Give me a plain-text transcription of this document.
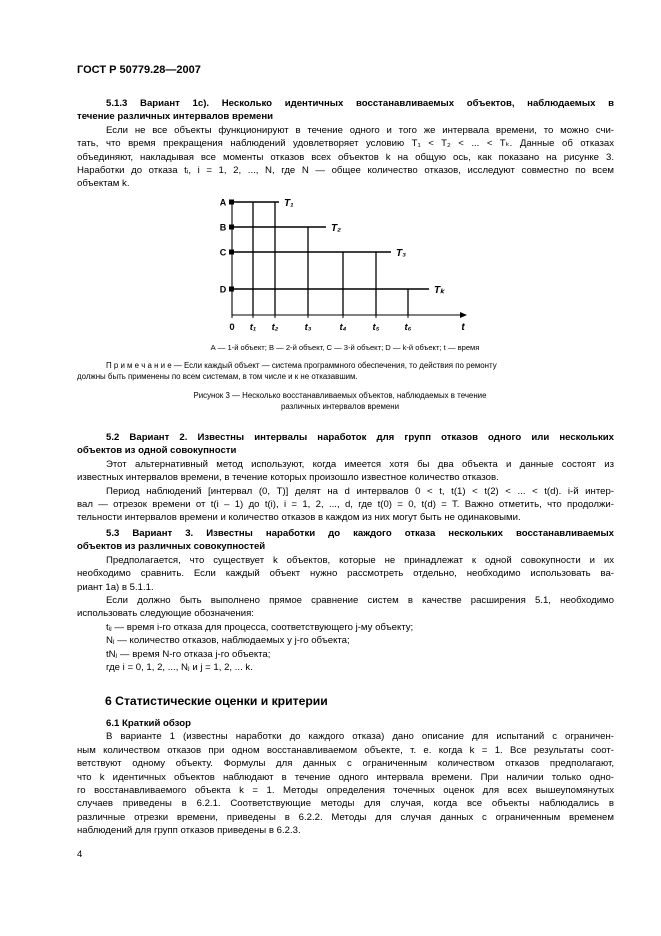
ГОСТ Р 50779.28—2007

5.1.3 Вариант 1с). Несколько идентичных восстанавливаемых объектов, наблюдаемых в

течение различных интервалов времени

Если не все объекты функционируют в течение одного и того же интервала времени, то можно счи-

тать, что время прекращения наблюдений удовлетворяет условию T₁ < T₂ < ... < Tₖ. Данные об отказах

объединяют, накладывая все моменты отказов всех объектов k на общую ось, как показано на рисунке 3.

Наработки до отказа tᵢ, i = 1, 2, ..., N, где N — общее количество отказов, исследуют совместно по всем

объектам k.

A	T₁
B	T₂
C	T₃
D	Tₖ
0 t₁ t₂	t₃	t₄	t₅	t₆	t
А — 1-й объект; В — 2-й объект, С — 3-й объект; D — k-й объект; t — время
П р и м е ч а н и е — Если каждый объект — система программного обеспечения, то действия по ремонту
должны быть применены по всем системам, в том числе и к не отказавшим.
Рисунок 3 — Несколько восстанавливаемых объектов, наблюдаемых в течение
различных интервалов времени

5.2 Вариант 2. Известны интервалы наработок для групп отказов одного или нескольких

объектов из одной совокупности

Этот альтернативный метод используют, когда имеется хотя бы два объекта и данные состоят из

известных интервалов времени, в течение которых произошло известное количество отказов.

Период наблюдений [интервал (0, T)] делят на d интервалов 0 < t, t(1) < t(2) < ... < t(d). i-й интер-

вал — отрезок времени от t(i – 1) до t(i), i = 1, 2, ..., d, где t(0) = 0, t(d) = T. Важно отметить, что продолжи-

тельности интервалов времени и количество отказов в каждом из них могут быть не одинаковыми.

5.3 Вариант 3. Известны наработки до каждого отказа нескольких восстанавливаемых

объектов из различных совокупностей

Предполагается, что существует k объектов, которые не принадлежат к одной совокупности и их

необходимо сравнить. Если каждый объект нужно рассмотреть отдельно, необходимо использовать ва-

риант 1а) в 5.1.1.

Если должно быть выполнено прямое сравнение систем в качестве расширения 5.1, необходимо

использовать следующие обозначения:

tᵢⱼ — время i-го отказа для процесса, соответствующего j-му объекту;

Nⱼ — количество отказов, наблюдаемых у j-го объекта;

tNⱼ — время N-го отказа j-го объекта;

где i = 0, 1, 2, ..., Nⱼ и j = 1, 2, ... k.

6 Статистические оценки и критерии

6.1 Краткий обзор

В варианте 1 (известны наработки до каждого отказа) дано описание для испытаний с ограничен-

ным количеством отказов при одном восстанавливаемом объекте, т. е. когда k = 1. Все результаты соот-

ветствуют одному объекту. Формулы для данных с ограниченным количеством отказов предполагают,

что k идентичных объектов наблюдают в течение одного интервала времени. При наличии только одно-

го восстанавливаемого объекта k = 1. Методы определения точечных оценок для всех вышеупомянутых

случаев приведены в 6.2.1. Соответствующие методы для случая, когда все объекты наблюдались в

различные отрезки времени, приведены в 6.2.2. Методы для случая данных с ограниченным временем

наблюдений для групп отказов приведены в 6.2.3.

4
